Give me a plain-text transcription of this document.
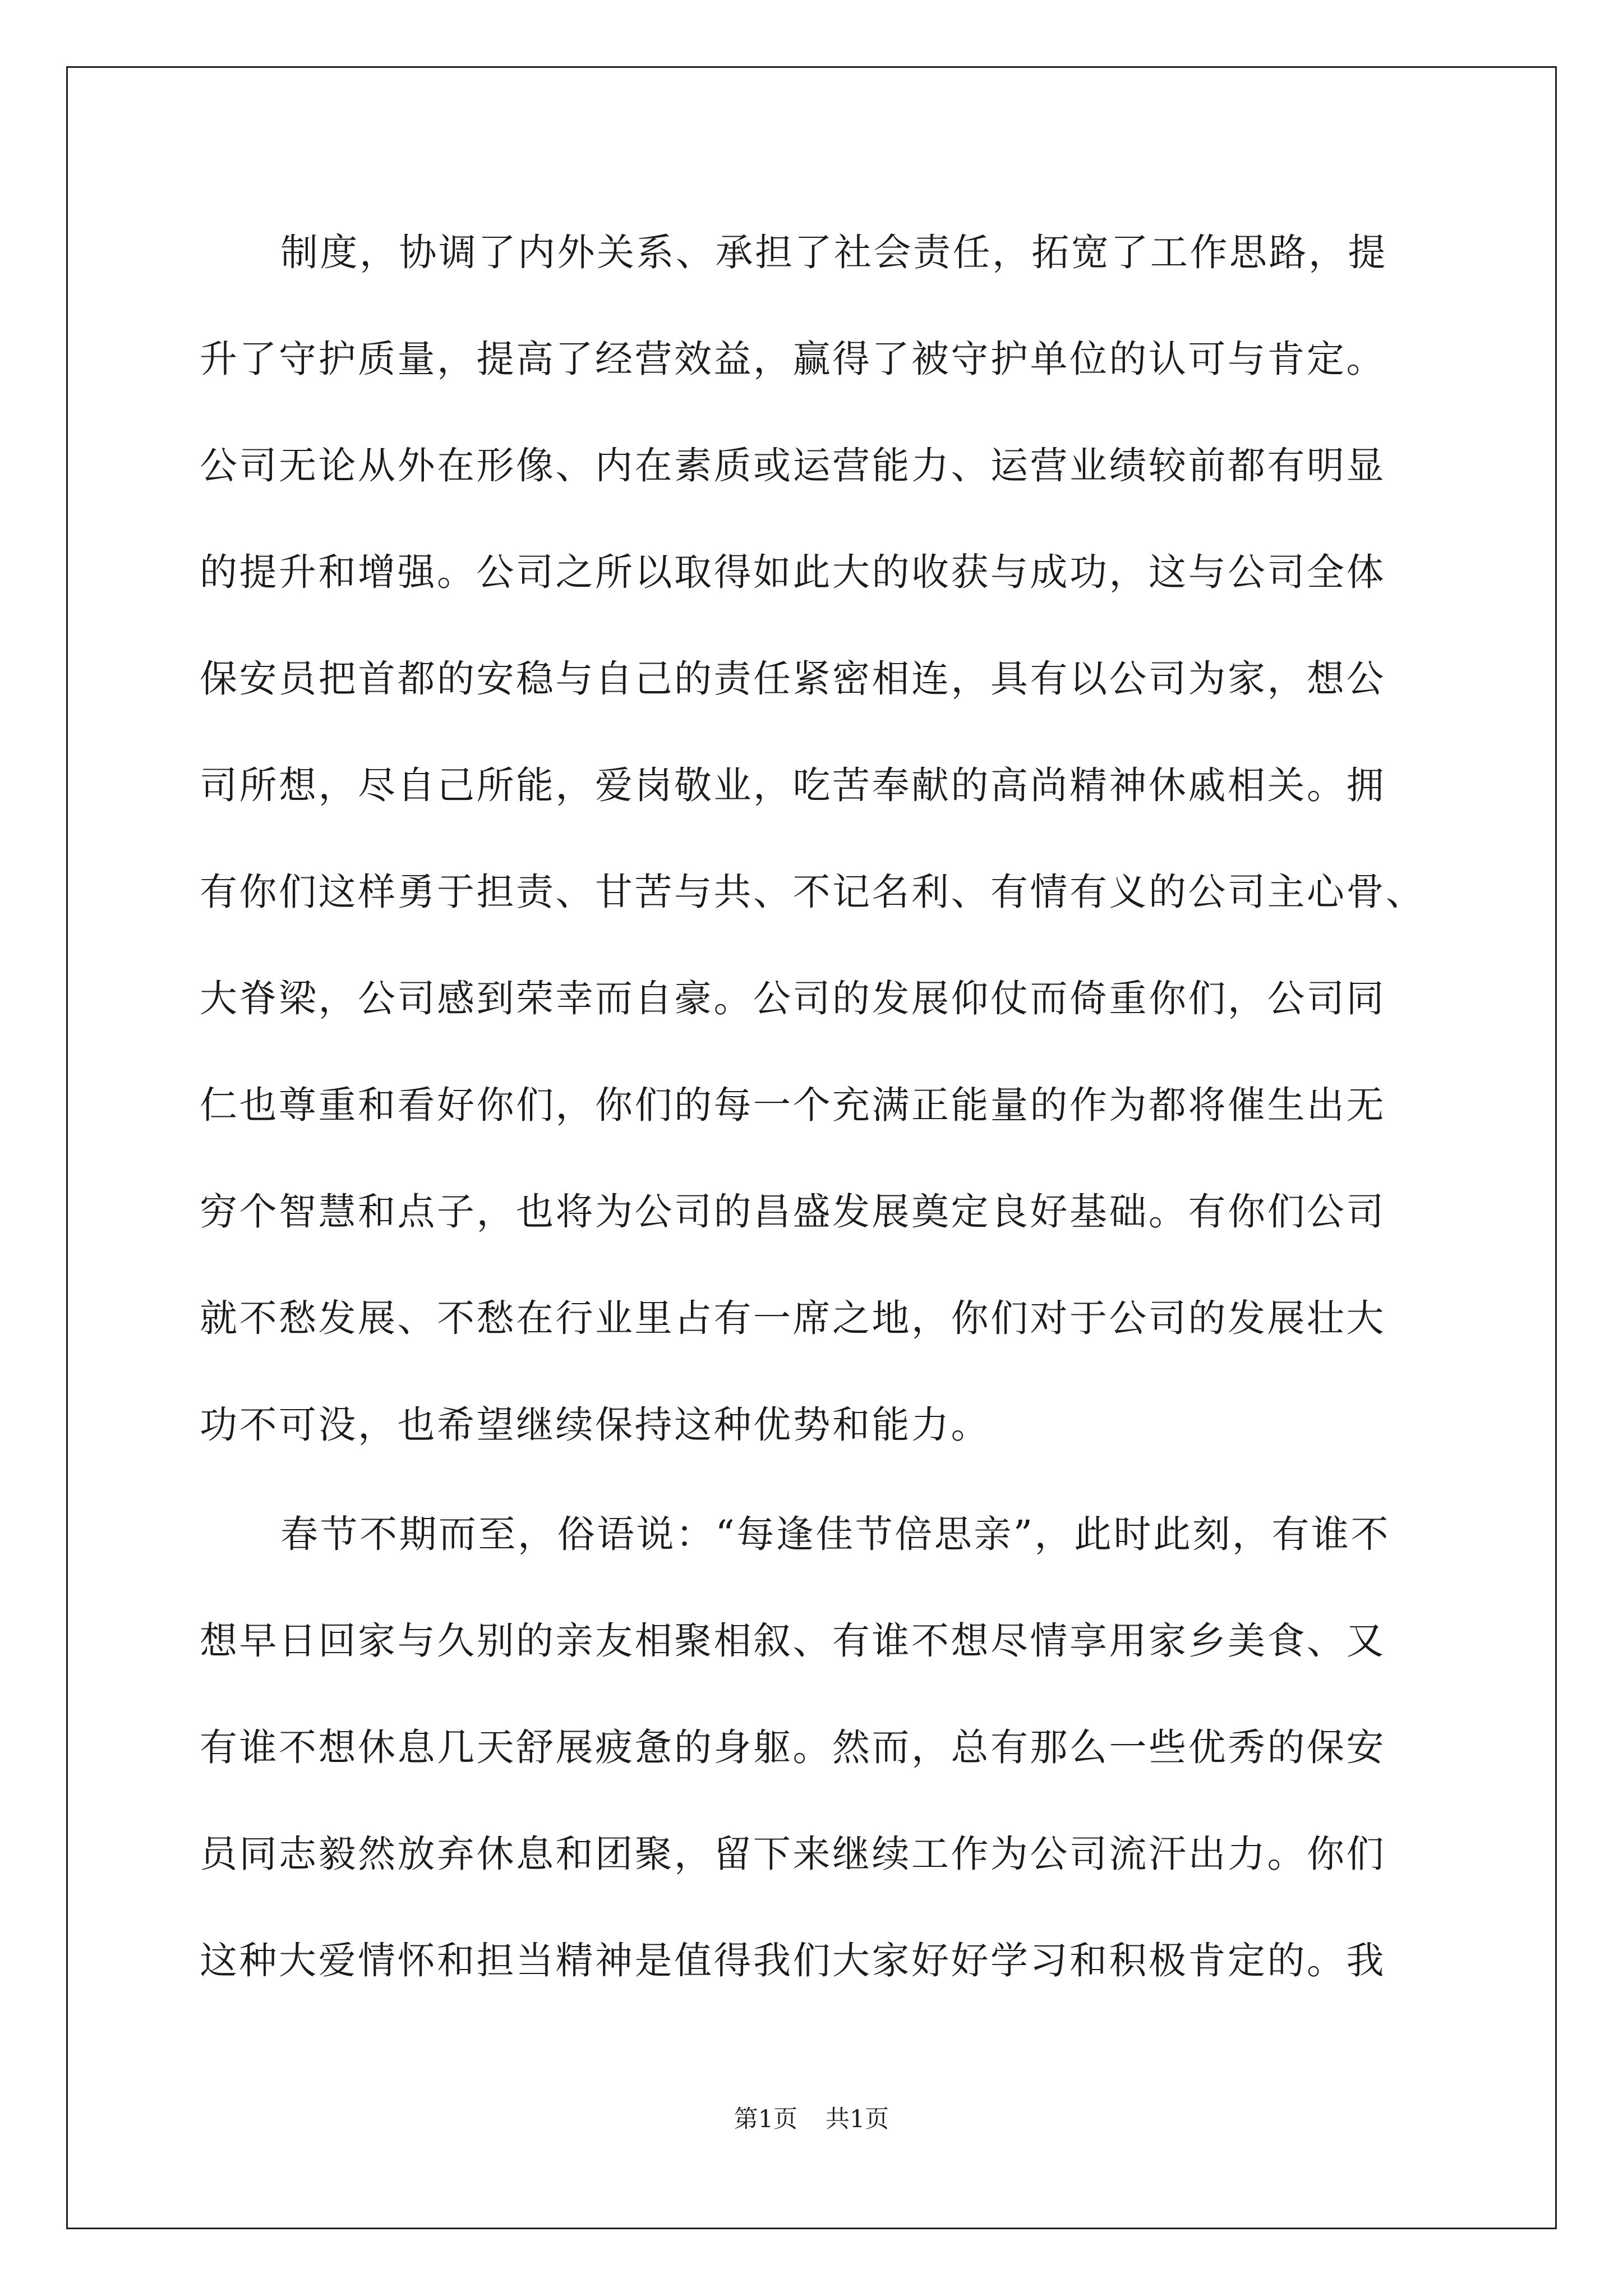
制度，协调了内外关系、承担了社会责任，拓宽了工作思路，提
升了守护质量，提高了经营效益，赢得了被守护单位的认可与肯定。
公司无论从外在形像、内在素质或运营能力、运营业绩较前都有明显
的提升和增强。公司之所以取得如此大的收获与成功，这与公司全体
保安员把首都的安稳与自己的责任紧密相连，具有以公司为家，想公
司所想，尽自己所能，爱岗敬业，吃苦奉献的高尚精神休戚相关。拥
有你们这样勇于担责、甘苦与共、不记名利、有情有义的公司主心骨、
大脊梁，公司感到荣幸而自豪。公司的发展仰仗而倚重你们，公司同
仁也尊重和看好你们，你们的每一个充满正能量的作为都将催生出无
穷个智慧和点子，也将为公司的昌盛发展奠定良好基础。有你们公司
就不愁发展、不愁在行业里占有一席之地，你们对于公司的发展壮大
功不可没，也希望继续保持这种优势和能力。
春节不期而至，俗语说：“每逢佳节倍思亲”，此时此刻，有谁不
想早日回家与久别的亲友相聚相叙、有谁不想尽情享用家乡美食、又
有谁不想休息几天舒展疲惫的身躯。然而，总有那么一些优秀的保安
员同志毅然放弃休息和团聚，留下来继续工作为公司流汗出力。你们
这种大爱情怀和担当精神是值得我们大家好好学习和积极肯定的。我
第1页 共1页
